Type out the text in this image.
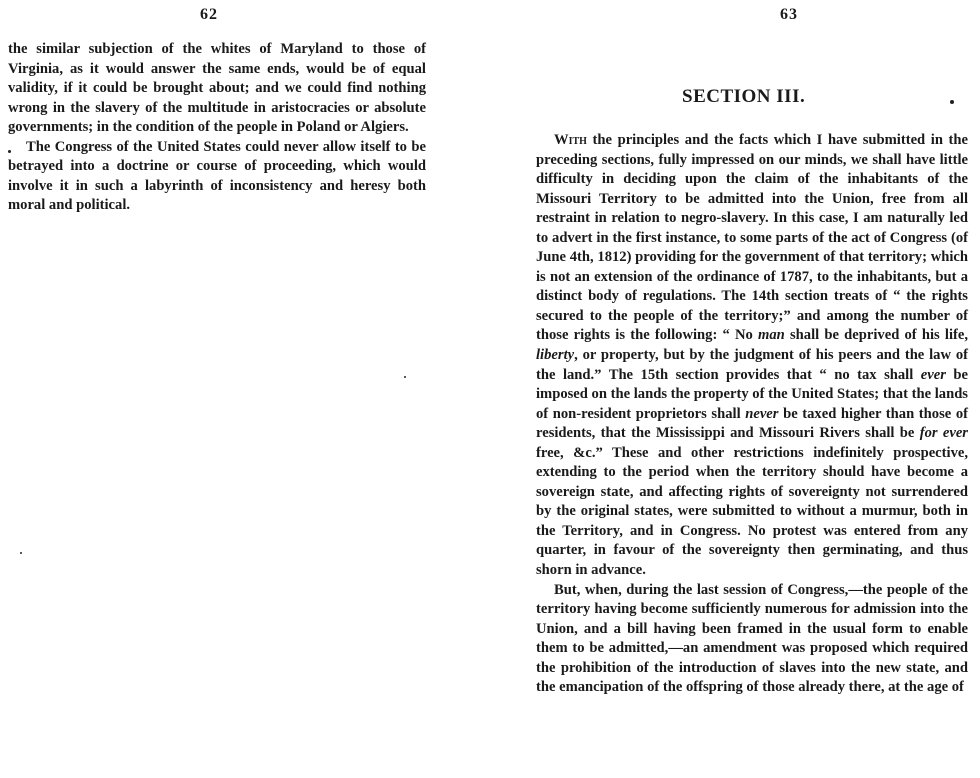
62

the similar subjection of the whites of Maryland to those of Virginia, as it would answer the same ends, would be of equal validity, if it could be brought about; and we could find nothing wrong in the slavery of the multitude in aristocracies or absolute governments; in the condition of the people in Poland or Algiers.

The Congress of the United States could never allow itself to be betrayed into a doctrine or course of proceeding, which would involve it in such a labyrinth of inconsistency and heresy both moral and political.

63
SECTION III.

With the principles and the facts which I have submitted in the preceding sections, fully impressed on our minds, we shall have little difficulty in deciding upon the claim of the inhabitants of the Missouri Territory to be admitted into the Union, free from all restraint in relation to negro-slavery. In this case, I am naturally led to advert in the first instance, to some parts of the act of Congress (of June 4th, 1812) providing for the government of that territory; which is not an extension of the ordinance of 1787, to the inhabitants, but a distinct body of regulations. The 14th section treats of “ the rights secured to the people of the territory;” and among the number of those rights is the following: “ No man shall be deprived of his life, liberty, or property, but by the judgment of his peers and the law of the land.” The 15th section provides that “ no tax shall ever be imposed on the lands the property of the United States; that the lands of non-resident proprietors shall never be taxed higher than those of residents, that the Mississippi and Missouri Rivers shall be for ever free, &c.” These and other restrictions indefinitely prospective, extending to the period when the territory should have become a sovereign state, and affecting rights of sovereignty not surrendered by the original states, were submitted to without a murmur, both in the Territory, and in Congress. No protest was entered from any quarter, in favour of the sovereignty then germinating, and thus shorn in advance.

But, when, during the last session of Congress,—the people of the territory having become sufficiently numerous for admission into the Union, and a bill having been framed in the usual form to enable them to be admitted,—an amendment was proposed which required the prohibition of the introduction of slaves into the new state, and the emancipation of the offspring of those already there, at the age of
